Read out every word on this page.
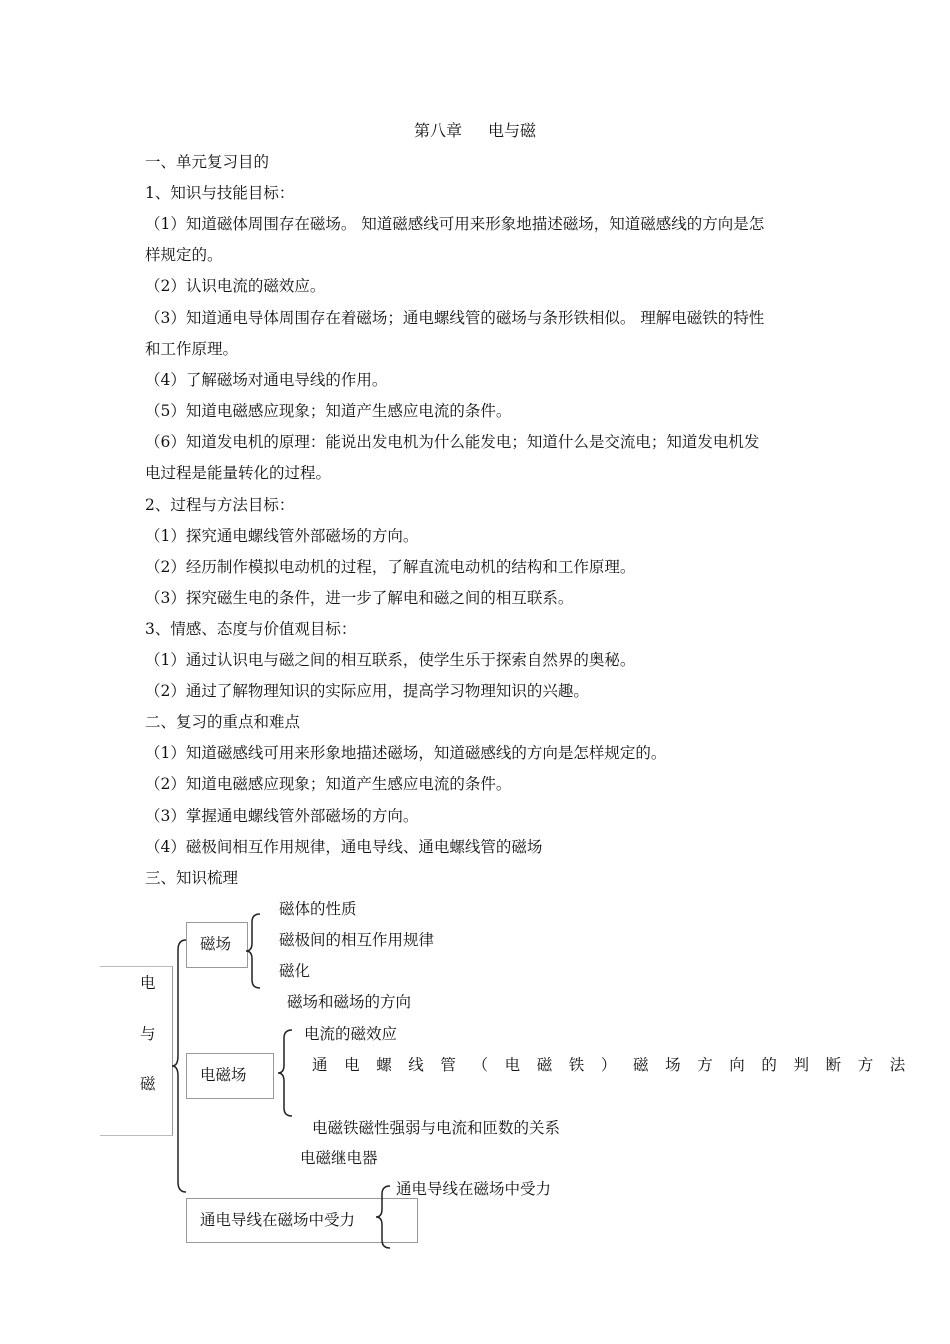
第八章 电与磁
一、单元复习目的
1、知识与技能目标：
（1）知道磁体周围存在磁场。 知道磁感线可用来形象地描述磁场，知道磁感线的方向是怎
样规定的。
（2）认识电流的磁效应。
（3）知道通电导体周围存在着磁场；通电螺线管的磁场与条形铁相似。 理解电磁铁的特性
和工作原理。
（4）了解磁场对通电导线的作用。
（5）知道电磁感应现象；知道产生感应电流的条件。
（6）知道发电机的原理：能说出发电机为什么能发电；知道什么是交流电；知道发电机发
电过程是能量转化的过程。
2、过程与方法目标：
（1）探究通电螺线管外部磁场的方向。
（2）经历制作模拟电动机的过程，了解直流电动机的结构和工作原理。
（3）探究磁生电的条件，进一步了解电和磁之间的相互联系。
3、情感、态度与价值观目标：
（1）通过认识电与磁之间的相互联系，使学生乐于探索自然界的奥秘。
（2）通过了解物理知识的实际应用，提高学习物理知识的兴趣。
二、复习的重点和难点
（1）知道磁感线可用来形象地描述磁场，知道磁感线的方向是怎样规定的。
（2）知道电磁感应现象；知道产生感应电流的条件。
（3）掌握通电螺线管外部磁场的方向。
（4）磁极间相互作用规律，通电导线、通电螺线管的磁场
三、知识梳理
电
与
磁
磁场
磁体的性质
磁极间的相互作用规律
磁化
磁场和磁场的方向
电磁场
电流的磁效应
通电螺线管（电磁铁）磁场方向的判断方法
电磁铁磁性强弱与电流和匝数的关系
电磁继电器
通电导线在磁场中受力
通电导线在磁场中受力
